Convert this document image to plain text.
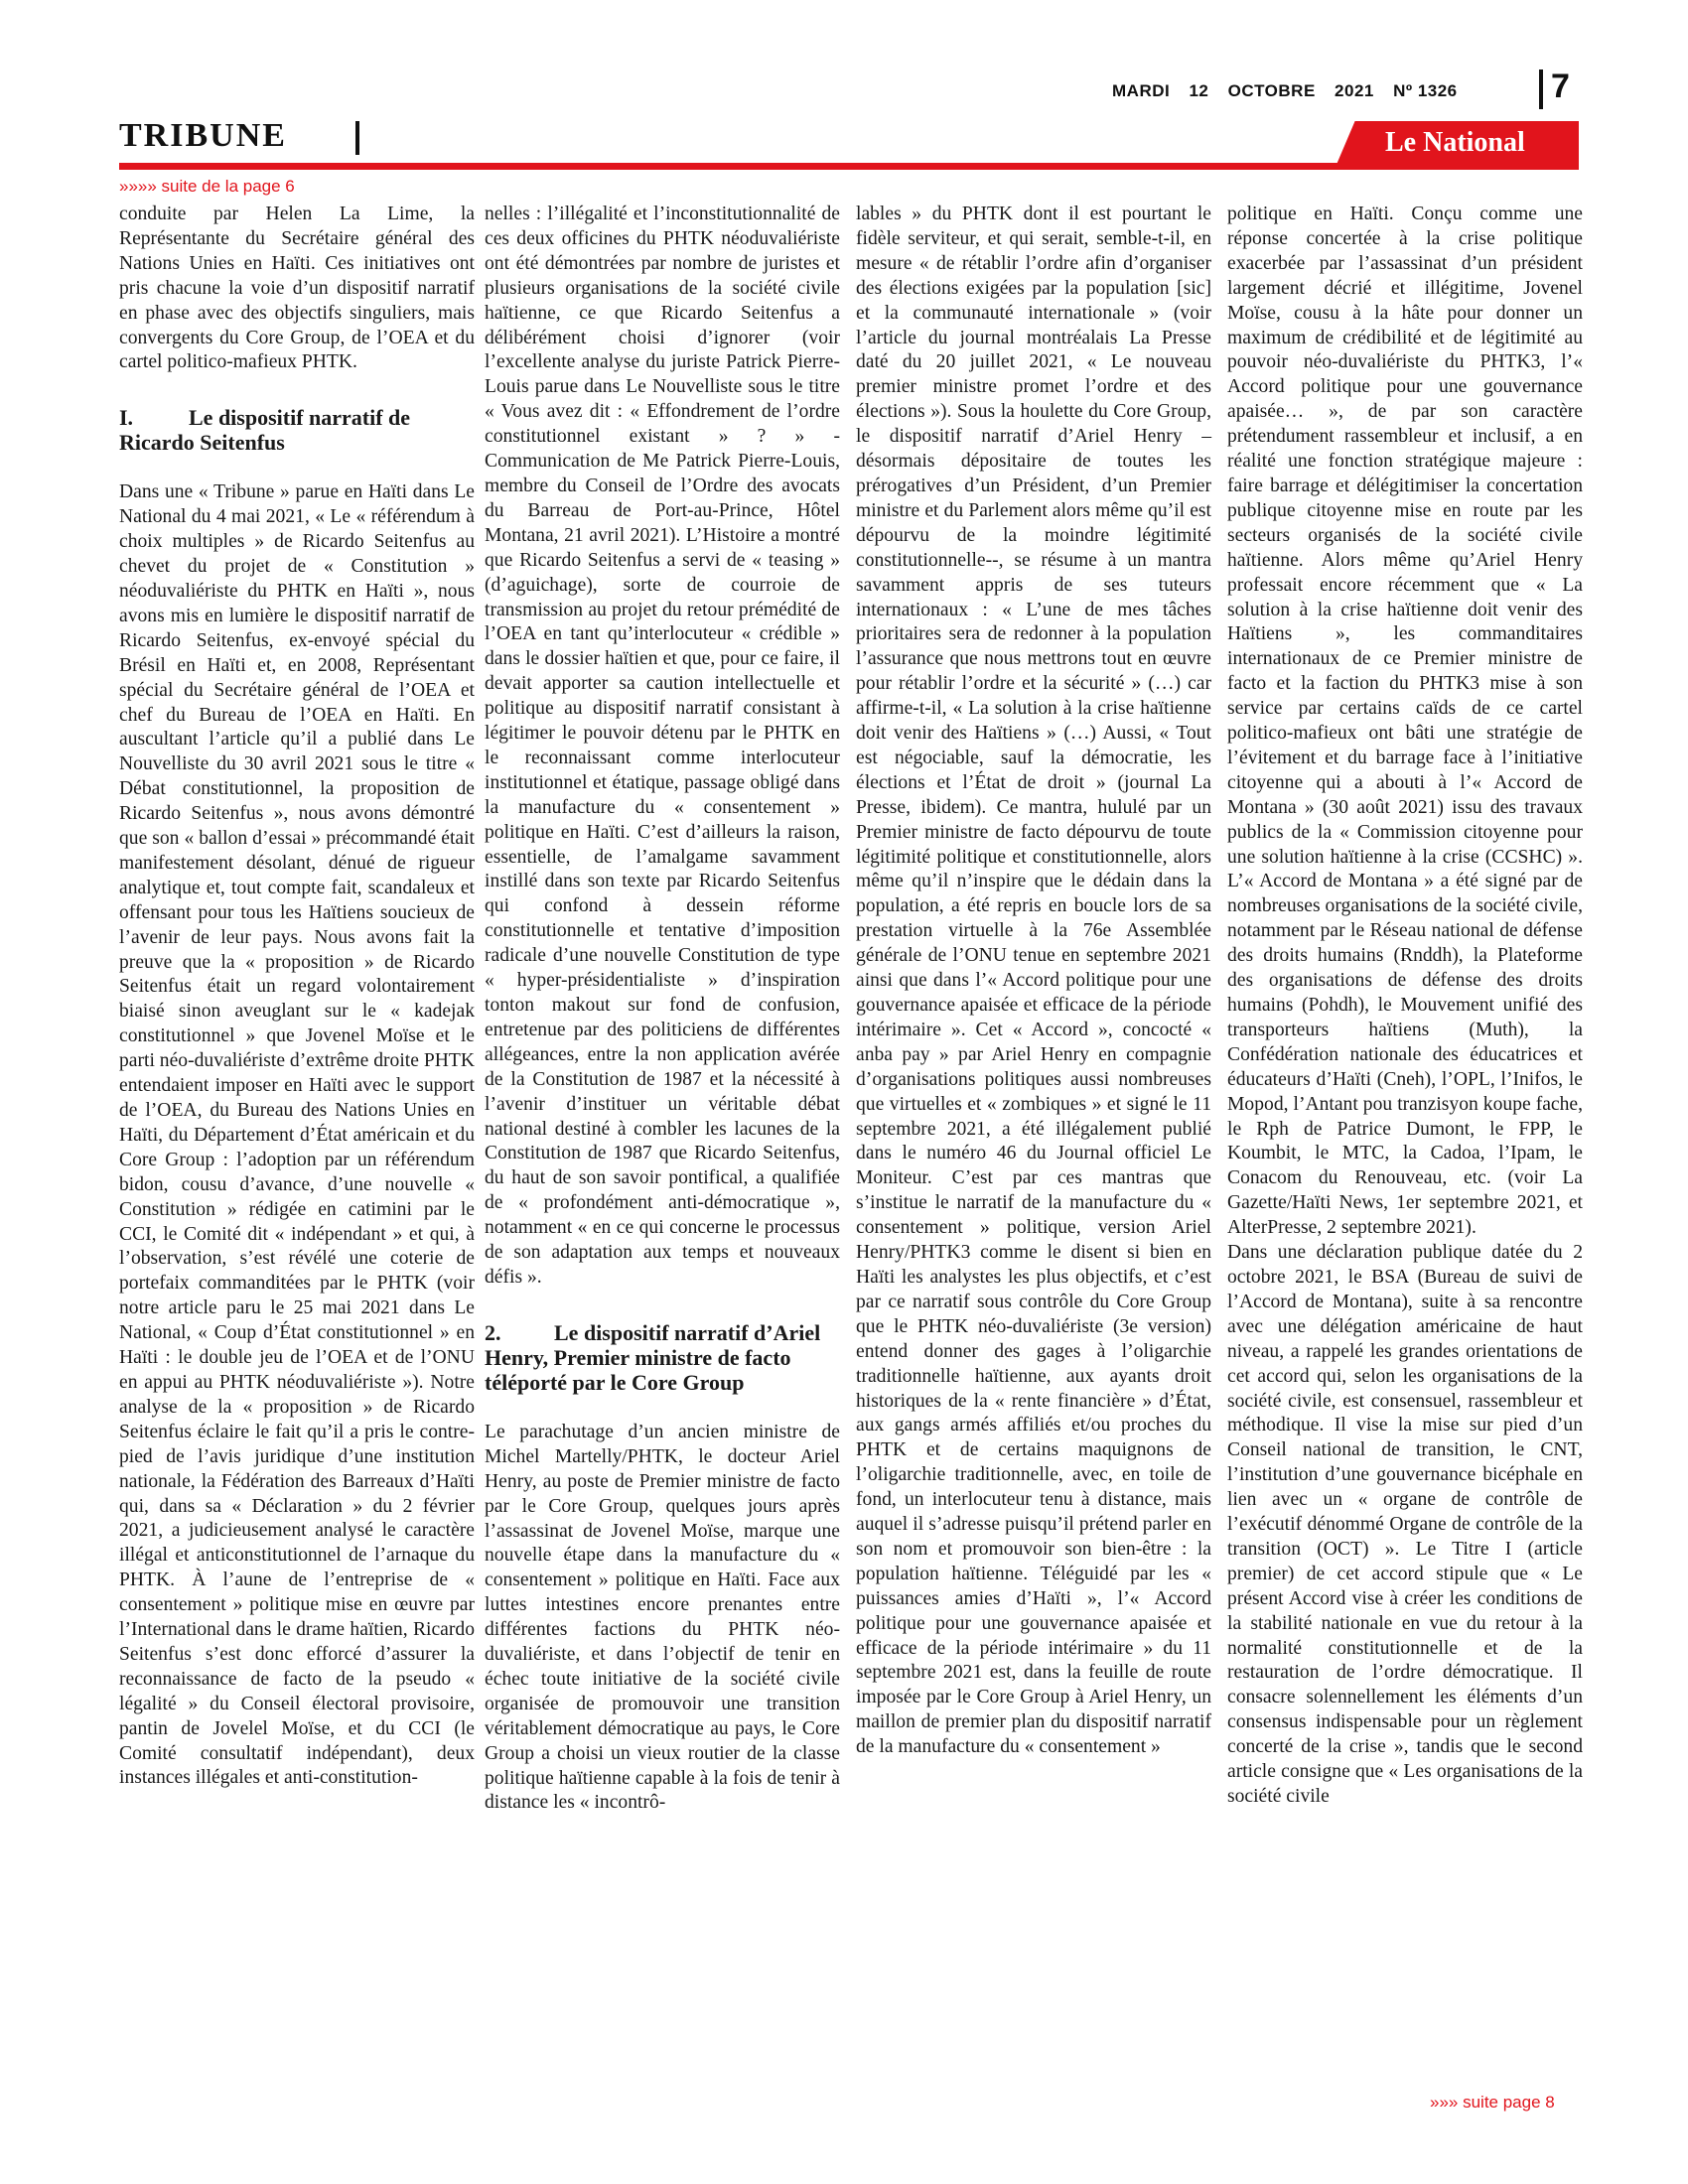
MARDI 12 OCTOBRE 2021 Nº 1326	7
TRIBUNE	Le National
»»»» suite de la page 6

conduite par Helen La Lime, la Représentante du Secrétaire général des Nations Unies en Haïti. Ces initiatives ont pris chacune la voie d’un dispositif narratif en phase avec des objectifs singuliers, mais convergents du Core Group, de l’OEA et du cartel politico-mafieux PHTK.

I.	Le dispositif narratif de Ricardo Seitenfus

Dans une « Tribune » parue en Haïti dans Le National du 4 mai 2021, « Le « référendum à choix multiples » de Ricardo Seitenfus au chevet du projet de « Constitution » néoduvaliériste du PHTK en Haïti », nous avons mis en lumière le dispositif narratif de Ricardo Seitenfus, ex-envoyé spécial du Brésil en Haïti et, en 2008, Représentant spécial du Secrétaire général de l’OEA et chef du Bureau de l’OEA en Haïti. En auscultant l’article qu’il a publié dans Le Nouvelliste du 30 avril 2021 sous le titre « Débat constitutionnel, la proposition de Ricardo Seitenfus », nous avons démontré que son « ballon d’essai » précommandé était manifestement désolant, dénué de rigueur analytique et, tout compte fait, scandaleux et offensant pour tous les Haïtiens soucieux de l’avenir de leur pays. Nous avons fait la preuve que la « proposition » de Ricardo Seitenfus était un regard volontairement biaisé sinon aveuglant sur le « kadejak constitutionnel » que Jovenel Moïse et le parti néo-duvaliériste d’extrême droite PHTK entendaient imposer en Haïti avec le support de l’OEA, du Bureau des Nations Unies en Haïti, du Département d’État américain et du Core Group : l’adoption par un référendum bidon, cousu d’avance, d’une nouvelle « Constitution » rédigée en catimini par le CCI, le Comité dit « indépendant » et qui, à l’observation, s’est révélé une coterie de portefaix commanditées par le PHTK (voir notre article paru le 25 mai 2021 dans Le National, « Coup d’État constitutionnel » en Haïti : le double jeu de l’OEA et de l’ONU en appui au PHTK néoduvaliériste »). Notre analyse de la « proposition » de Ricardo Seitenfus éclaire le fait qu’il a pris le contre-pied de l’avis juridique d’une institution nationale, la Fédération des Barreaux d’Haïti qui, dans sa « Déclaration » du 2 février 2021, a judicieusement analysé le caractère illégal et anticonstitutionnel de l’arnaque du PHTK. À l’aune de l’entreprise de « consentement » politique mise en œuvre par l’International dans le drame haïtien, Ricardo Seitenfus s’est donc efforcé d’assurer la reconnaissance de facto de la pseudo « légalité » du Conseil électoral provisoire, pantin de Jovelel Moïse, et du CCI (le Comité consultatif indépendant), deux instances illégales et anti-constitution-

nelles : l’illégalité et l’inconstitutionnalité de ces deux officines du PHTK néoduvaliériste ont été démontrées par nombre de juristes et plusieurs organisations de la société civile haïtienne, ce que Ricardo Seitenfus a délibérément choisi d’ignorer (voir l’excellente analyse du juriste Patrick Pierre-Louis parue dans Le Nouvelliste sous le titre « Vous avez dit : « Effondrement de l’ordre constitutionnel existant » ? » - Communication de Me Patrick Pierre-Louis, membre du Conseil de l’Ordre des avocats du Barreau de Port-au-Prince, Hôtel Montana, 21 avril 2021). L’Histoire a montré que Ricardo Seitenfus a servi de « teasing » (d’aguichage), sorte de courroie de transmission au projet du retour prémédité de l’OEA en tant qu’interlocuteur « crédible » dans le dossier haïtien et que, pour ce faire, il devait apporter sa caution intellectuelle et politique au dispositif narratif consistant à légitimer le pouvoir détenu par le PHTK en le reconnaissant comme interlocuteur institutionnel et étatique, passage obligé dans la manufacture du « consentement » politique en Haïti. C’est d’ailleurs la raison, essentielle, de l’amalgame savamment instillé dans son texte par Ricardo Seitenfus qui confond à dessein réforme constitutionnelle et tentative d’imposition radicale d’une nouvelle Constitution de type « hyper-présidentialiste » d’inspiration tonton makout sur fond de confusion, entretenue par des politiciens de différentes allégeances, entre la non application avérée de la Constitution de 1987 et la nécessité à l’avenir d’instituer un véritable débat national destiné à combler les lacunes de la Constitution de 1987 que Ricardo Seitenfus, du haut de son savoir pontifical, a qualifiée de « profondément anti-démocratique », notamment « en ce qui concerne le processus de son adaptation aux temps et nouveaux défis ».

2. Le dispositif narratif d’Ariel Henry, Premier ministre de facto téléporté par le Core Group

Le parachutage d’un ancien ministre de Michel Martelly/PHTK, le docteur Ariel Henry, au poste de Premier ministre de facto par le Core Group, quelques jours après l’assassinat de Jovenel Moïse, marque une nouvelle étape dans la manufacture du « consentement » politique en Haïti. Face aux luttes intestines encore prenantes entre différentes factions du PHTK néo-duvaliériste, et dans l’objectif de tenir en échec toute initiative de la société civile organisée de promouvoir une transition véritablement démocratique au pays, le Core Group a choisi un vieux routier de la classe politique haïtienne capable à la fois de tenir à distance les « incontrô-

lables » du PHTK dont il est pourtant le fidèle serviteur, et qui serait, semble-t-il, en mesure « de rétablir l’ordre afin d’organiser des élections exigées par la population [sic] et la communauté internationale » (voir l’article du journal montréalais La Presse daté du 20 juillet 2021, « Le nouveau premier ministre promet l’ordre et des élections »). Sous la houlette du Core Group, le dispositif narratif d’Ariel Henry –désormais dépositaire de toutes les prérogatives d’un Président, d’un Premier ministre et du Parlement alors même qu’il est dépourvu de la moindre légitimité constitutionnelle--, se résume à un mantra savamment appris de ses tuteurs internationaux : « L’une de mes tâches prioritaires sera de redonner à la population l’assurance que nous mettrons tout en œuvre pour rétablir l’ordre et la sécurité » (…) car affirme-t-il, « La solution à la crise haïtienne doit venir des Haïtiens » (…) Aussi, « Tout est négociable, sauf la démocratie, les élections et l’État de droit » (journal La Presse, ibidem). Ce mantra, hululé par un Premier ministre de facto dépourvu de toute légitimité politique et constitutionnelle, alors même qu’il n’inspire que le dédain dans la population, a été repris en boucle lors de sa prestation virtuelle à la 76e Assemblée générale de l’ONU tenue en septembre 2021 ainsi que dans l’« Accord politique pour une gouvernance apaisée et efficace de la période intérimaire ». Cet « Accord », concocté « anba pay » par Ariel Henry en compagnie d’organisations politiques aussi nombreuses que virtuelles et « zombiques » et signé le 11 septembre 2021, a été illégalement publié dans le numéro 46 du Journal officiel Le Moniteur. C’est par ces mantras que s’institue le narratif de la manufacture du « consentement » politique, version Ariel Henry/PHTK3 comme le disent si bien en Haïti les analystes les plus objectifs, et c’est par ce narratif sous contrôle du Core Group que le PHTK néo-duvaliériste (3e version) entend donner des gages à l’oligarchie traditionnelle haïtienne, aux ayants droit historiques de la « rente financière » d’État, aux gangs armés affiliés et/ou proches du PHTK et de certains maquignons de l’oligarchie traditionnelle, avec, en toile de fond, un interlocuteur tenu à distance, mais auquel il s’adresse puisqu’il prétend parler en son nom et promouvoir son bien-être : la population haïtienne. Téléguidé par les « puissances amies d’Haïti », l’« Accord politique pour une gouvernance apaisée et efficace de la période intérimaire » du 11 septembre 2021 est, dans la feuille de route imposée par le Core Group à Ariel Henry, un maillon de premier plan du dispositif narratif de la manufacture du « consentement »

politique en Haïti. Conçu comme une réponse concertée à la crise politique exacerbée par l’assassinat d’un président largement décrié et illégitime, Jovenel Moïse, cousu à la hâte pour donner un maximum de crédibilité et de légitimité au pouvoir néo-duvaliériste du PHTK3, l’« Accord politique pour une gouvernance apaisée… », de par son caractère prétendument rassembleur et inclusif, a en réalité une fonction stratégique majeure : faire barrage et délégitimiser la concertation publique citoyenne mise en route par les secteurs organisés de la société civile haïtienne. Alors même qu’Ariel Henry professait encore récemment que « La solution à la crise haïtienne doit venir des Haïtiens », les commanditaires internationaux de ce Premier ministre de facto et la faction du PHTK3 mise à son service par certains caïds de ce cartel politico-mafieux ont bâti une stratégie de l’évitement et du barrage face à l’initiative citoyenne qui a abouti à l’« Accord de Montana » (30 août 2021) issu des travaux publics de la « Commission citoyenne pour une solution haïtienne à la crise (CCSHC) ». L’« Accord de Montana » a été signé par de nombreuses organisations de la société civile, notamment par le Réseau national de défense des droits humains (Rnddh), la Plateforme des organisations de défense des droits humains (Pohdh), le Mouvement unifié des transporteurs haïtiens (Muth), la Confédération nationale des éducatrices et éducateurs d’Haïti (Cneh), l’OPL, l’Inifos, le Mopod, l’Antant pou tranzisyon koupe fache, le Rph de Patrice Dumont, le FPP, le Koumbit, le MTC, la Cadoa, l’Ipam, le Conacom du Renouveau, etc. (voir La Gazette/Haïti News, 1er septembre 2021, et AlterPresse, 2 septembre 2021).

Dans une déclaration publique datée du 2 octobre 2021, le BSA (Bureau de suivi de l’Accord de Montana), suite à sa rencontre avec une délégation américaine de haut niveau, a rappelé les grandes orientations de cet accord qui, selon les organisations de la société civile, est consensuel, rassembleur et méthodique. Il vise la mise sur pied d’un Conseil national de transition, le CNT, l’institution d’une gouvernance bicéphale en lien avec un « organe de contrôle de l’exécutif dénommé Organe de contrôle de la transition (OCT) ». Le Titre I (article premier) de cet accord stipule que « Le présent Accord vise à créer les conditions de la stabilité nationale en vue du retour à la normalité constitutionnelle et de la restauration de l’ordre démocratique. Il consacre solennellement les éléments d’un consensus indispensable pour un règlement concerté de la crise », tandis que le second article consigne que « Les organisations de la société civile

»»» suite page 8
